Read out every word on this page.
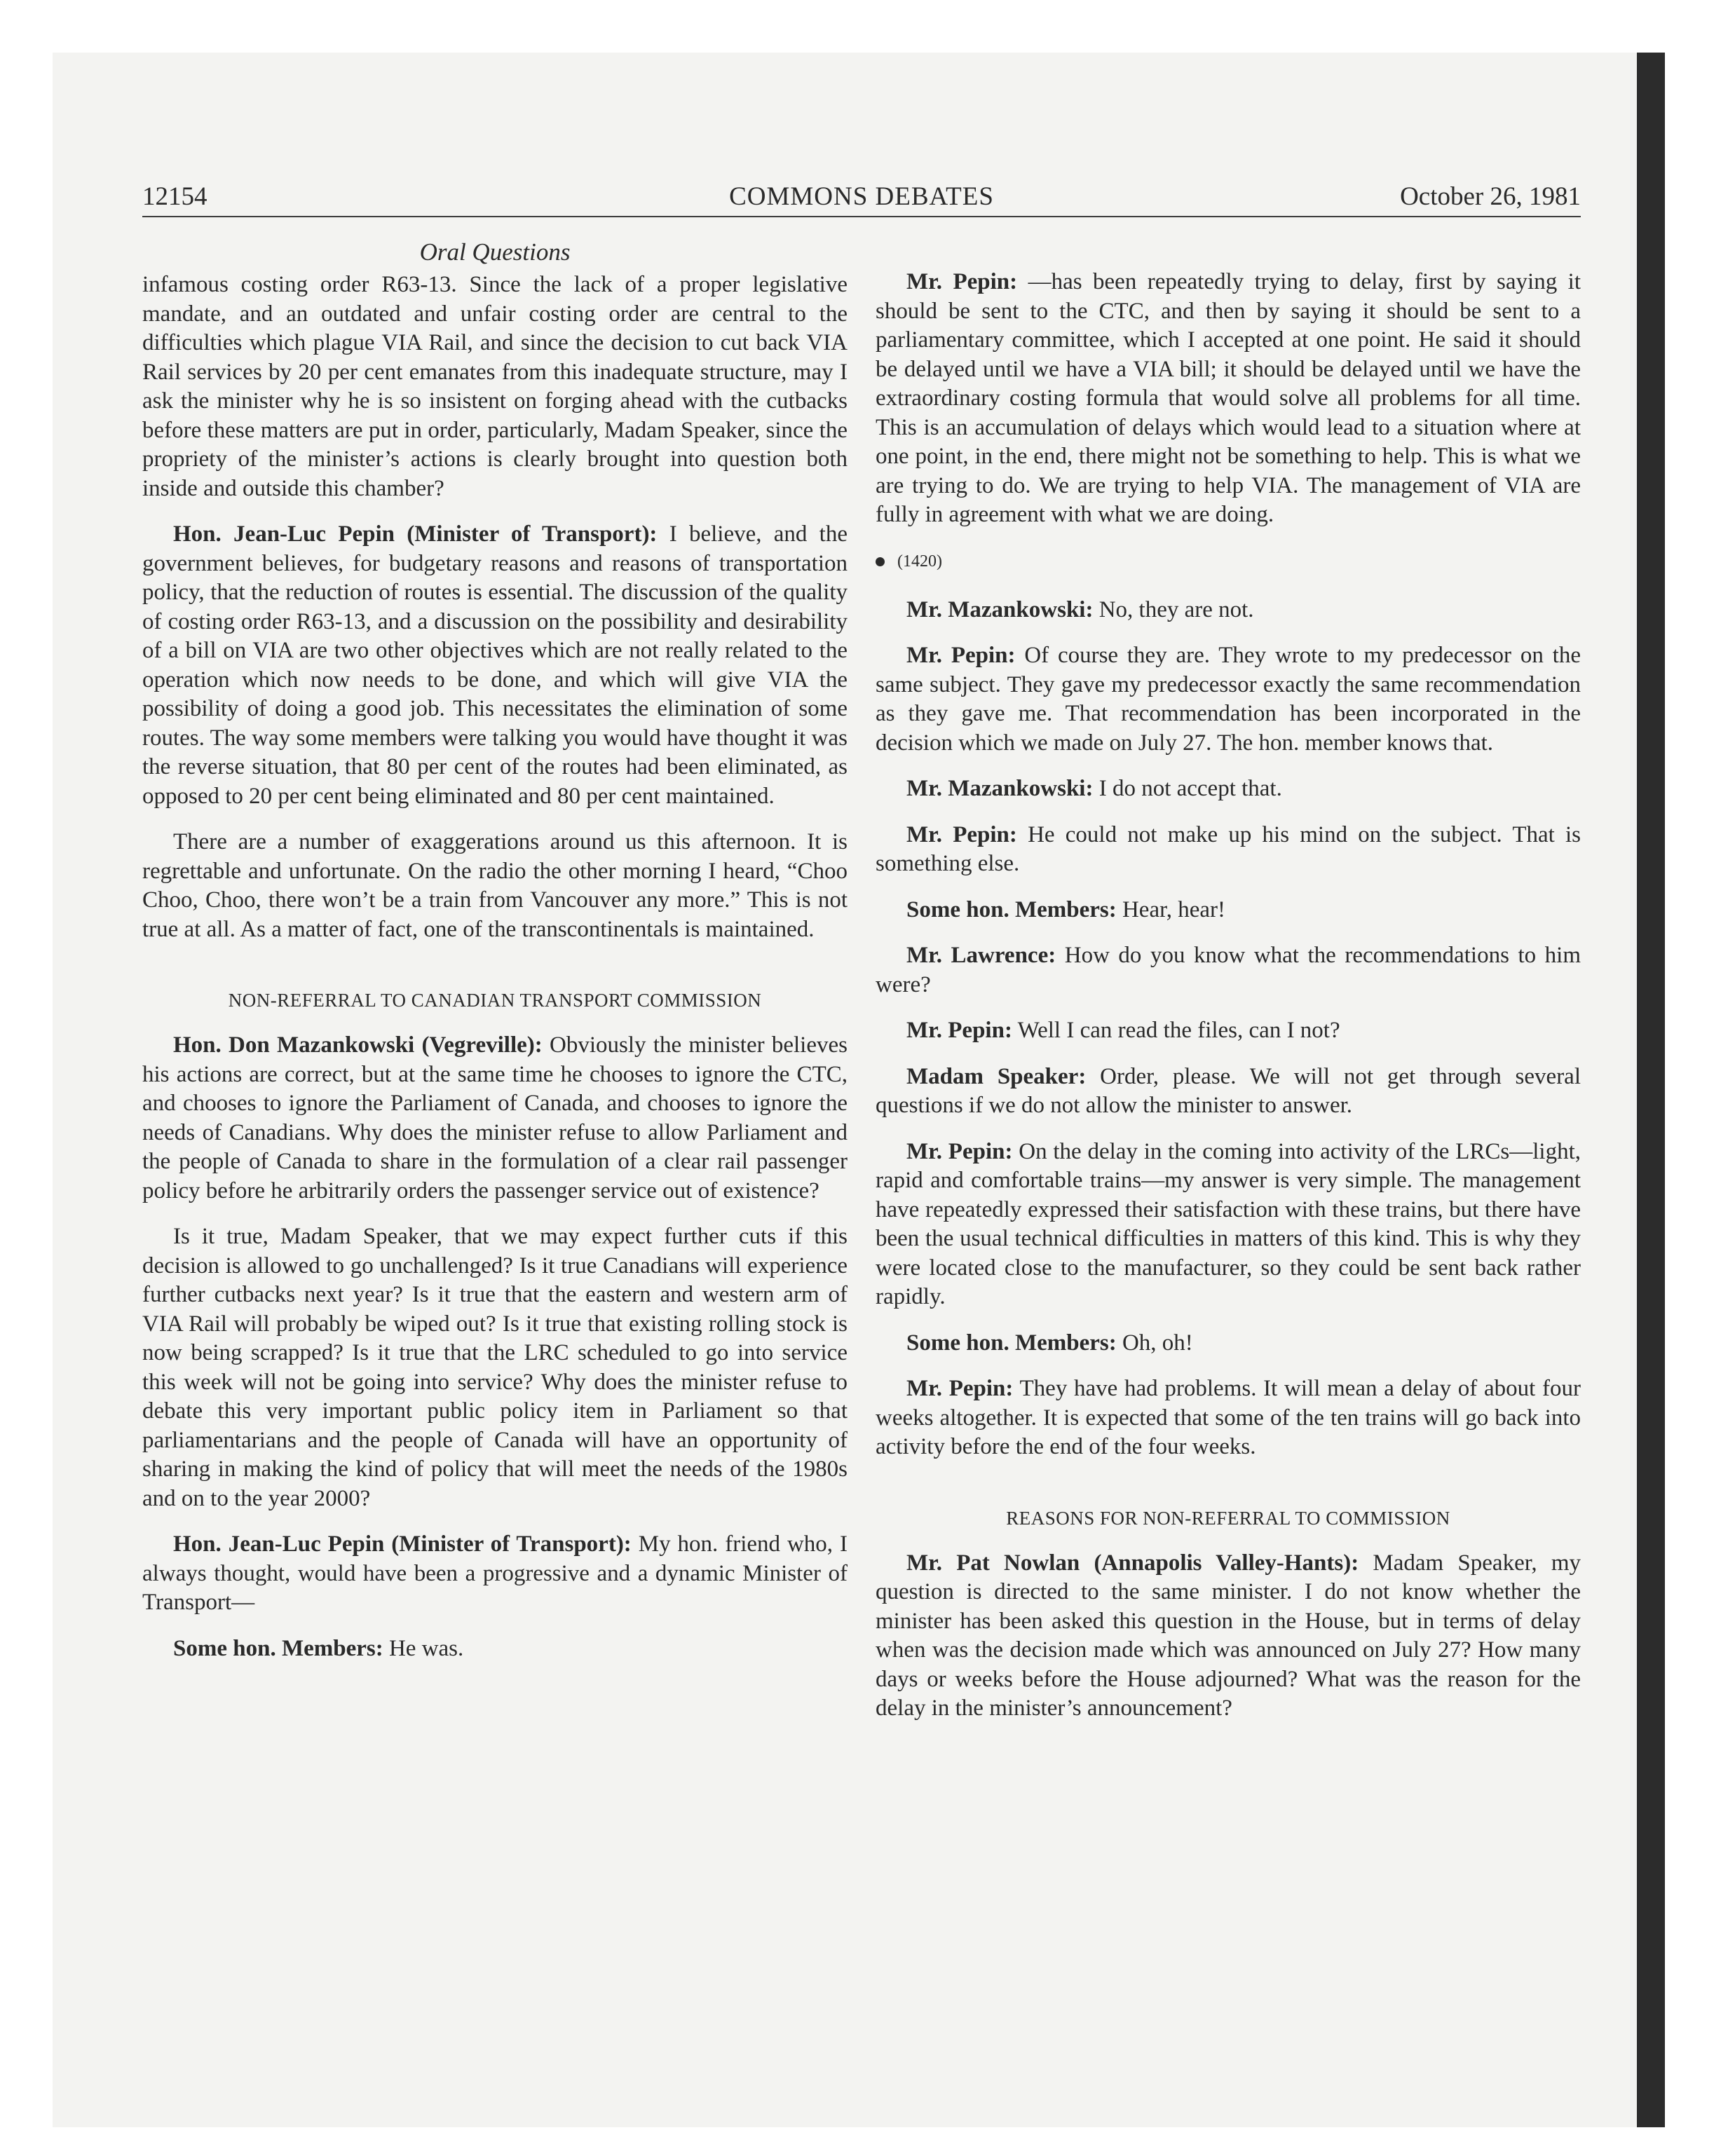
12154	COMMONS DEBATES	October 26, 1981
Oral Questions

infamous costing order R63-13. Since the lack of a proper legislative mandate, and an outdated and unfair costing order are central to the difficulties which plague VIA Rail, and since the decision to cut back VIA Rail services by 20 per cent emanates from this inadequate structure, may I ask the minister why he is so insistent on forging ahead with the cutbacks before these matters are put in order, particularly, Madam Speaker, since the propriety of the minister’s actions is clearly brought into question both inside and outside this chamber?

Hon. Jean-Luc Pepin (Minister of Transport): I believe, and the government believes, for budgetary reasons and reasons of transportation policy, that the reduction of routes is essential. The discussion of the quality of costing order R63-13, and a discussion on the possibility and desirability of a bill on VIA are two other objectives which are not really related to the operation which now needs to be done, and which will give VIA the possibility of doing a good job. This necessitates the elimination of some routes. The way some members were talking you would have thought it was the reverse situation, that 80 per cent of the routes had been eliminated, as opposed to 20 per cent being eliminated and 80 per cent maintained.

There are a number of exaggerations around us this afternoon. It is regrettable and unfortunate. On the radio the other morning I heard, “Choo Choo, Choo, there won’t be a train from Vancouver any more.” This is not true at all. As a matter of fact, one of the transcontinentals is maintained.

NON-REFERRAL TO CANADIAN TRANSPORT COMMISSION

Hon. Don Mazankowski (Vegreville): Obviously the minister believes his actions are correct, but at the same time he chooses to ignore the CTC, and chooses to ignore the Parliament of Canada, and chooses to ignore the needs of Canadians. Why does the minister refuse to allow Parliament and the people of Canada to share in the formulation of a clear rail passenger policy before he arbitrarily orders the passenger service out of existence?

Is it true, Madam Speaker, that we may expect further cuts if this decision is allowed to go unchallenged? Is it true Canadians will experience further cutbacks next year? Is it true that the eastern and western arm of VIA Rail will probably be wiped out? Is it true that existing rolling stock is now being scrapped? Is it true that the LRC scheduled to go into service this week will not be going into service? Why does the minister refuse to debate this very important public policy item in Parliament so that parliamentarians and the people of Canada will have an opportunity of sharing in making the kind of policy that will meet the needs of the 1980s and on to the year 2000?

Hon. Jean-Luc Pepin (Minister of Transport): My hon. friend who, I always thought, would have been a progressive and a dynamic Minister of Transport—

Some hon. Members: He was.

Mr. Pepin: —has been repeatedly trying to delay, first by saying it should be sent to the CTC, and then by saying it should be sent to a parliamentary committee, which I accepted at one point. He said it should be delayed until we have a VIA bill; it should be delayed until we have the extraordinary costing formula that would solve all problems for all time. This is an accumulation of delays which would lead to a situation where at one point, in the end, there might not be something to help. This is what we are trying to do. We are trying to help VIA. The management of VIA are fully in agreement with what we are doing.

(1420)

Mr. Mazankowski: No, they are not.

Mr. Pepin: Of course they are. They wrote to my predecessor on the same subject. They gave my predecessor exactly the same recommendation as they gave me. That recommendation has been incorporated in the decision which we made on July 27. The hon. member knows that.

Mr. Mazankowski: I do not accept that.

Mr. Pepin: He could not make up his mind on the subject. That is something else.

Some hon. Members: Hear, hear!

Mr. Lawrence: How do you know what the recommendations to him were?

Mr. Pepin: Well I can read the files, can I not?

Madam Speaker: Order, please. We will not get through several questions if we do not allow the minister to answer.

Mr. Pepin: On the delay in the coming into activity of the LRCs—light, rapid and comfortable trains—my answer is very simple. The management have repeatedly expressed their satisfaction with these trains, but there have been the usual technical difficulties in matters of this kind. This is why they were located close to the manufacturer, so they could be sent back rather rapidly.

Some hon. Members: Oh, oh!

Mr. Pepin: They have had problems. It will mean a delay of about four weeks altogether. It is expected that some of the ten trains will go back into activity before the end of the four weeks.

REASONS FOR NON-REFERRAL TO COMMISSION

Mr. Pat Nowlan (Annapolis Valley-Hants): Madam Speaker, my question is directed to the same minister. I do not know whether the minister has been asked this question in the House, but in terms of delay when was the decision made which was announced on July 27? How many days or weeks before the House adjourned? What was the reason for the delay in the minister’s announcement?
